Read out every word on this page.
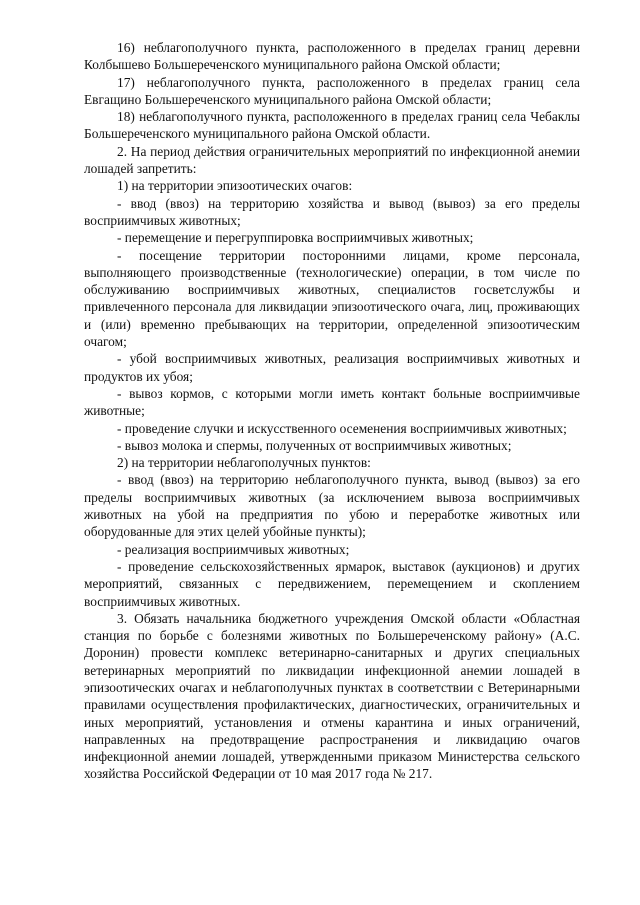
16) неблагополучного пункта, расположенного в пределах границ деревни Колбышево Большереченского муниципального района Омской области;

17) неблагополучного пункта, расположенного в пределах границ села Евгащино Большереченского муниципального района Омской области;

18) неблагополучного пункта, расположенного в пределах границ села Чебаклы Большереченского муниципального района Омской области.

2. На период действия ограничительных мероприятий по инфекционной анемии лошадей запретить:

1) на территории эпизоотических очагов:

- ввод (ввоз) на территорию хозяйства и вывод (вывоз) за его пределы восприимчивых животных;

- перемещение и перегруппировка восприимчивых животных;

- посещение территории посторонними лицами, кроме персонала, выполняющего производственные (технологические) операции, в том числе по обслуживанию восприимчивых животных, специалистов госветслужбы и привлеченного персонала для ликвидации эпизоотического очага, лиц, проживающих и (или) временно пребывающих на территории, определенной эпизоотическим очагом;

- убой восприимчивых животных, реализация восприимчивых животных и продуктов их убоя;

- вывоз кормов, с которыми могли иметь контакт больные восприимчивые животные;

- проведение случки и искусственного осеменения восприимчивых животных;

- вывоз молока и спермы, полученных от восприимчивых животных;

2) на территории неблагополучных пунктов:

- ввод (ввоз) на территорию неблагополучного пункта, вывод (вывоз) за его пределы восприимчивых животных (за исключением вывоза восприимчивых животных на убой на предприятия по убою и переработке животных или оборудованные для этих целей убойные пункты);

- реализация восприимчивых животных;

- проведение сельскохозяйственных ярмарок, выставок (аукционов) и других мероприятий, связанных с передвижением, перемещением и скоплением восприимчивых животных.

3. Обязать начальника бюджетного учреждения Омской области «Областная станция по борьбе с болезнями животных по Большереченскому району» (А.С. Доронин) провести комплекс ветеринарно-санитарных и других специальных ветеринарных мероприятий по ликвидации инфекционной анемии лошадей в эпизоотических очагах и неблагополучных пунктах в соответствии с Ветеринарными правилами осуществления профилактических, диагностических, ограничительных и иных мероприятий, установления и отмены карантина и иных ограничений, направленных на предотвращение распространения и ликвидацию очагов инфекционной анемии лошадей, утвержденными приказом Министерства сельского хозяйства Российской Федерации от 10 мая 2017 года № 217.
